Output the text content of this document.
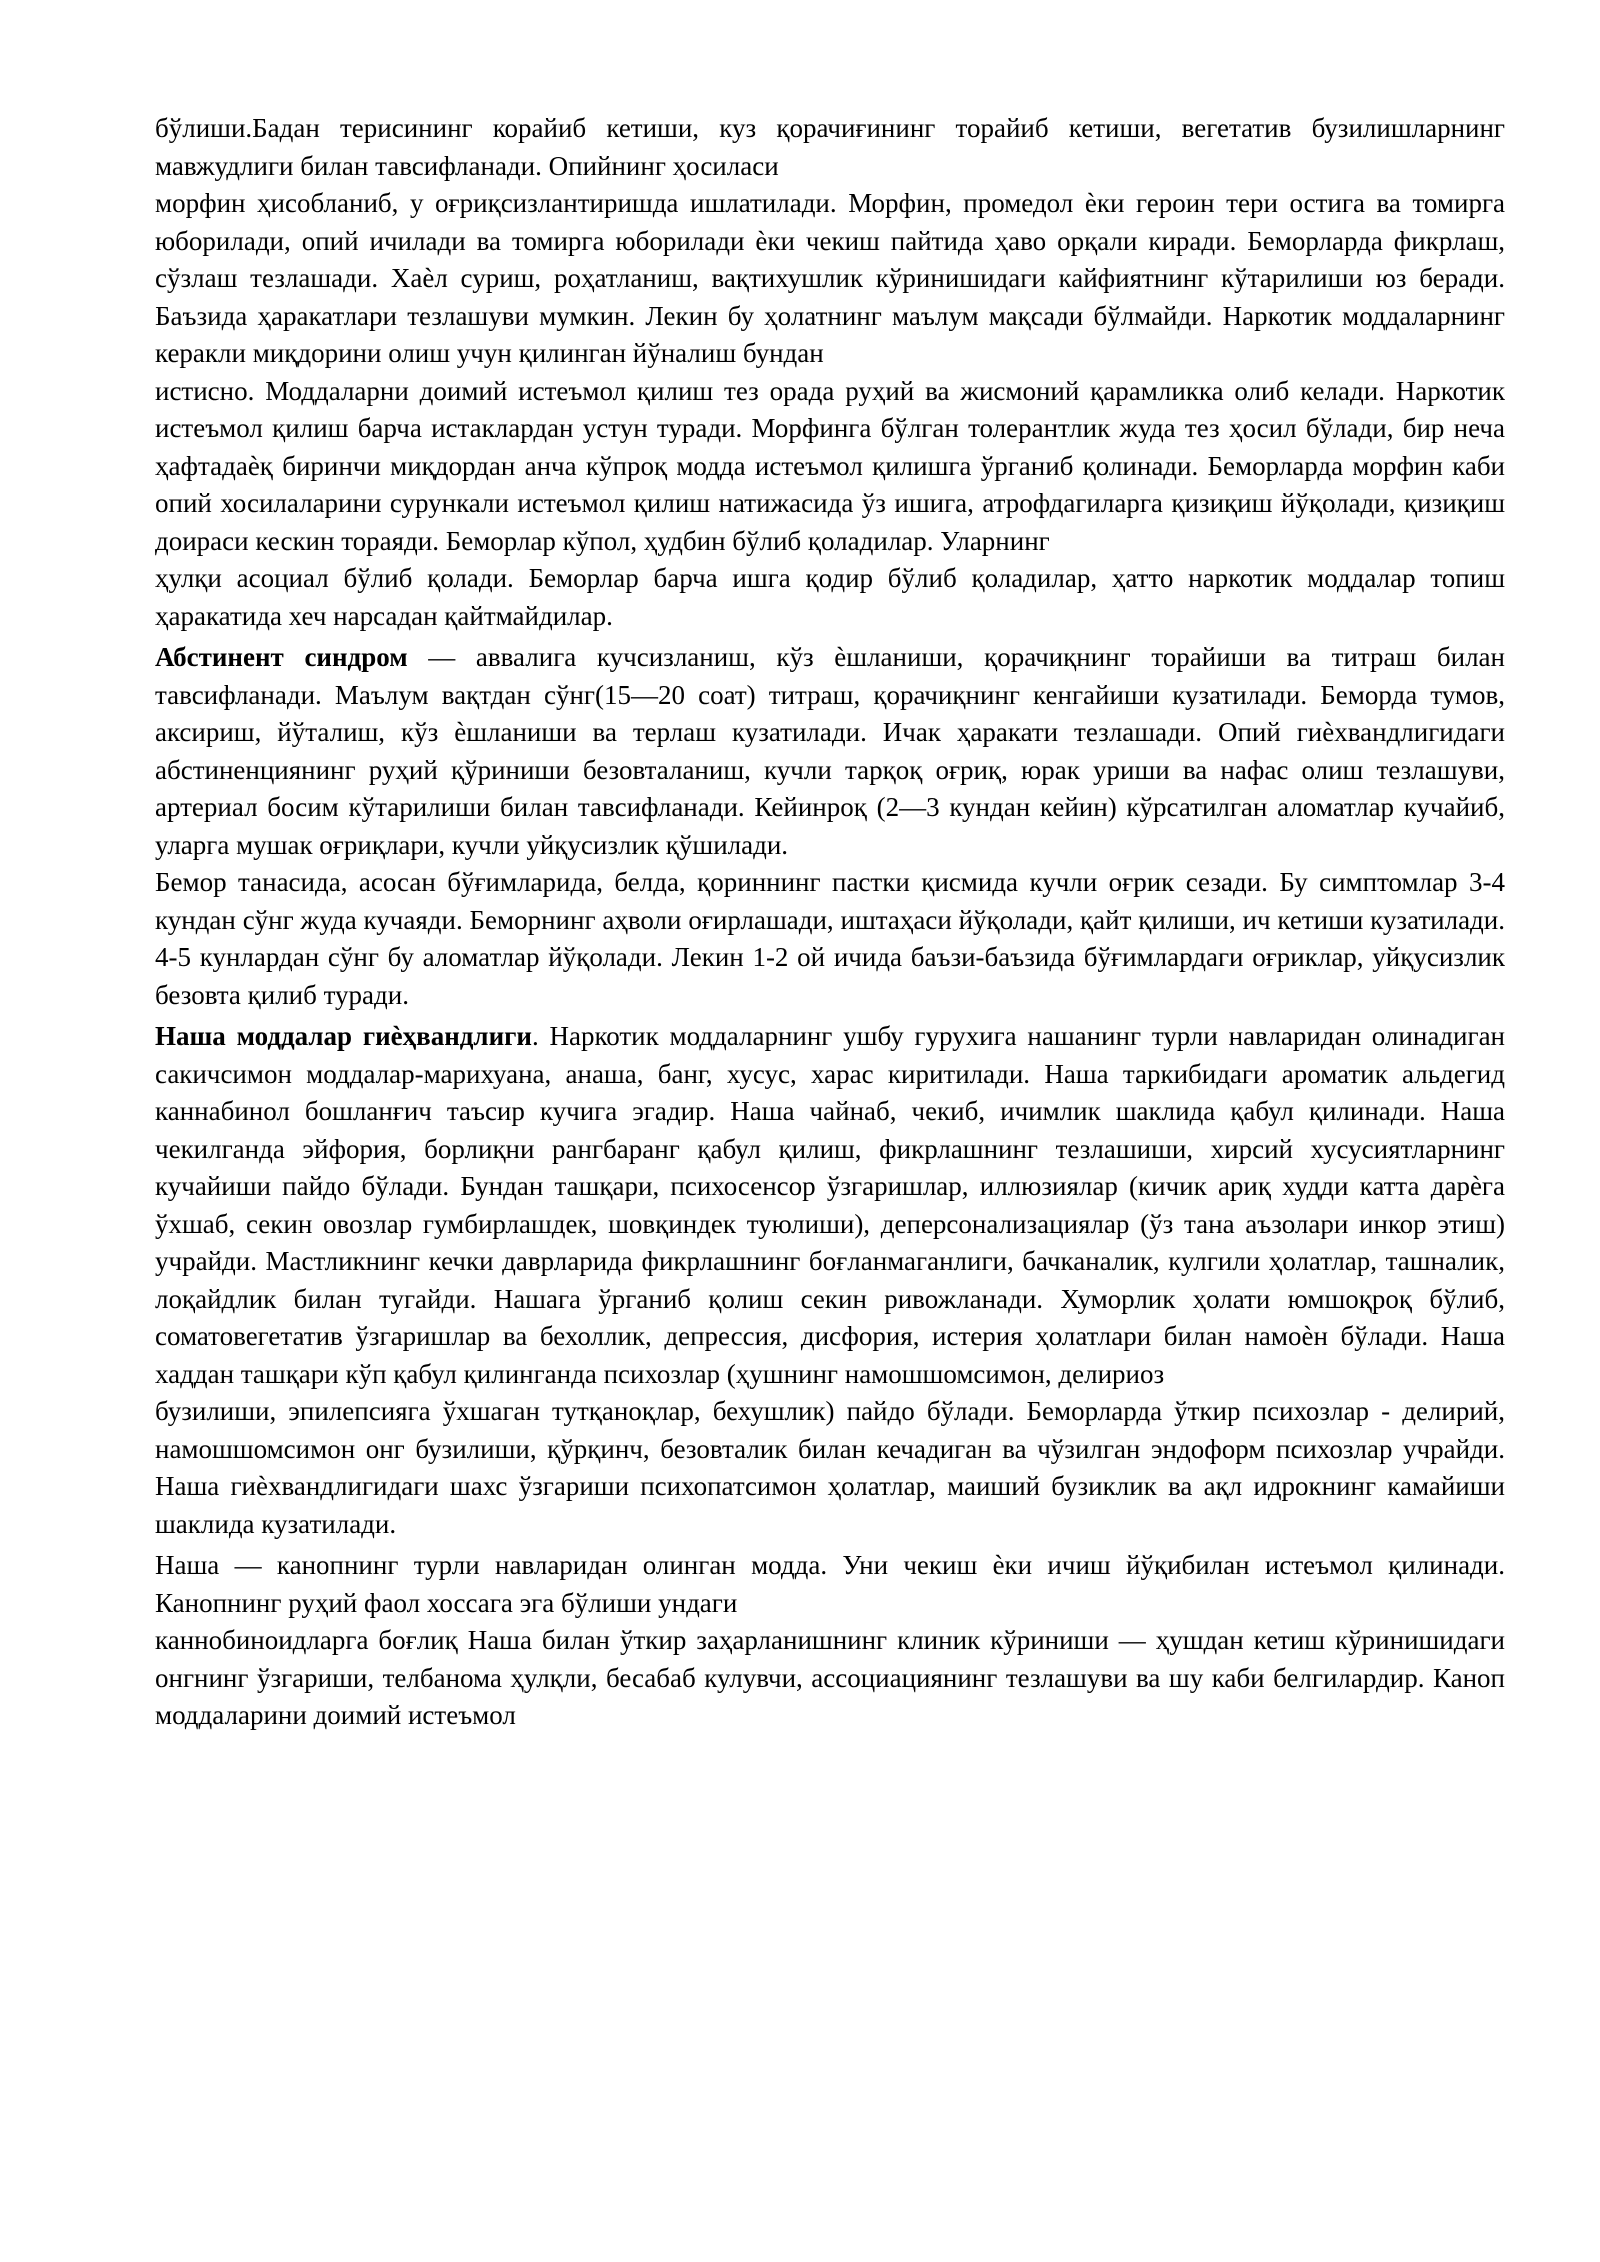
бўлиши.Бадан терисининг корайиб кетиши, куз қорачиғининг торайиб кетиши, вегетатив бузилишларнинг мавжудлиги билан тавсифланади. Опийнинг ҳосиласи

морфин ҳисобланиб, у оғриқсизлантиришда ишлатилади. Морфин, промедол ѐки героин тери остига ва томирга юборилади, опий ичилади ва томирга юборилади ѐки чекиш пайтида ҳаво орқали киради. Беморларда фикрлаш, сўзлаш тезлашади. Хаѐл суриш, роҳатланиш, вақтихушлик кўринишидаги кайфиятнинг кўтарилиши юз беради. Баъзида ҳаракатлари тезлашуви мумкин. Лекин бу ҳолатнинг маълум мақсади бўлмайди. Наркотик моддаларнинг керакли миқдорини олиш учун қилинган йўналиш бундан

истисно. Моддаларни доимий истеъмол қилиш тез орада руҳий ва жисмоний қарамликка олиб келади. Наркотик истеъмол қилиш барча истаклардан устун туради. Морфинга бўлган толерантлик жуда тез ҳосил бўлади, бир неча ҳафтадаѐқ биринчи миқдордан анча кўпроқ модда истеъмол қилишга ўрганиб қолинади. Беморларда морфин каби опий хосилаларини сурункали истеъмол қилиш натижасида ўз ишига, атрофдагиларга қизиқиш йўқолади, қизиқиш доираси кескин тораяди. Беморлар кўпол, ҳудбин бўлиб қоладилар. Уларнинг

ҳулқи асоциал бўлиб қолади. Беморлар барча ишга қодир бўлиб қоладилар, ҳатто наркотик моддалар топиш ҳаракатида хеч нарсадан қайтмайдилар.

Абстинент синдром — аввалига кучсизланиш, кўз ѐшланиши, қорачиқнинг торайиши ва титраш билан тавсифланади. Маълум вақтдан сўнг(15—20 соат) титраш, қорачиқнинг кенгайиши кузатилади. Беморда тумов, аксириш, йўталиш, кўз ѐшланиши ва терлаш кузатилади. Ичак ҳаракати тезлашади. Опий гиѐхвандлигидаги абстиненциянинг руҳий қўриниши безовталаниш, кучли тарқоқ оғриқ, юрак уриши ва нафас олиш тезлашуви, артериал босим кўтарилиши билан тавсифланади. Кейинроқ (2—3 кундан кейин) кўрсатилган аломатлар кучайиб, уларга мушак оғриқлари, кучли уйқусизлик қўшилади.

Бемор танасида, асосан бўғимларида, белда, қориннинг пастки қисмида кучли оғрик сезади. Бу симптомлар 3-4 кундан сўнг жуда кучаяди. Беморнинг аҳволи оғирлашади, иштаҳаси йўқолади, қайт қилиши, ич кетиши кузатилади. 4-5 кунлардан сўнг бу аломатлар йўқолади. Лекин 1-2 ой ичида баъзи-баъзида бўғимлардаги оғриклар, уйқусизлик безовта қилиб туради.

Наша моддалар гиѐҳвандлиги. Наркотик моддаларнинг ушбу гурухига нашанинг турли навларидан олинадиган сакичсимон моддалар-марихуана, анаша, банг, хусус, харас киритилади. Наша таркибидаги ароматик альдегид каннабинол бошланғич таъсир кучига эгадир. Наша чайнаб, чекиб, ичимлик шаклида қабул қилинади. Наша чекилганда эйфория, борлиқни рангбаранг қабул қилиш, фикрлашнинг тезлашиши, хирсий хусусиятларнинг кучайиши пайдо бўлади. Бундан ташқари, психосенсор ўзгаришлар, иллюзиялар (кичик ариқ худди катта дарѐга ўхшаб, секин овозлар гумбирлашдек, шовқиндек туюлиши), деперсонализациялар (ўз тана аъзолари инкор этиш) учрайди. Мастликнинг кечки даврларида фикрлашнинг боғланмаганлиги, бачканалик, кулгили ҳолатлар, ташналик, лоқайдлик билан тугайди. Нашага ўрганиб қолиш секин ривожланади. Хуморлик ҳолати юмшоқроқ бўлиб, соматовегетатив ўзгаришлар ва бехоллик, депрессия, дисфория, истерия ҳолатлари билан намоѐн бўлади. Наша хаддан ташқари кўп қабул қилинганда психозлар (ҳушнинг намошшомсимон, делириоз

бузилиши, эпилепсияга ўхшаган тутқаноқлар, бехушлик) пайдо бўлади. Беморларда ўткир психозлар - делирий, намошшомсимон онг бузилиши, қўрқинч, безовталик билан кечадиган ва чўзилган эндоформ психозлар учрайди. Наша гиѐхвандлигидаги шахс ўзгариши психопатсимон ҳолатлар, маиший бузиклик ва ақл идрокнинг камайиши шаклида кузатилади.

Наша — канопнинг турли навларидан олинган модда. Уни чекиш ѐки ичиш йўқибилан истеъмол қилинади. Канопнинг руҳий фаол хоссага эга бўлиши ундаги

каннобиноидларга боғлиқ Наша билан ўткир заҳарланишнинг клиник кўриниши — ҳушдан кетиш кўринишидаги онгнинг ўзгариши, телбанома ҳулқли, бесабаб кулувчи, ассоциациянинг тезлашуви ва шу каби белгилардир. Каноп моддаларини доимий истеъмол
